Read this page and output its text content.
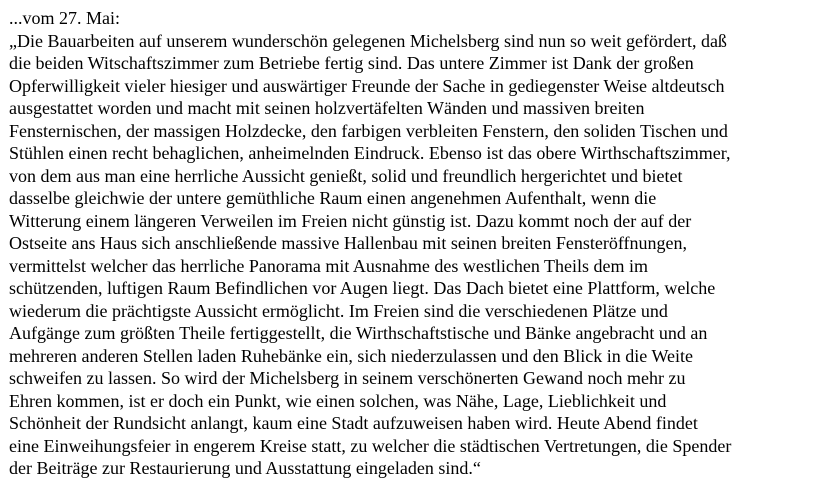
...vom 27. Mai:
„Die Bauarbeiten auf unserem wunderschön gelegenen Michelsberg sind nun so weit gefördert, daß
die beiden Witschaftszimmer zum Betriebe fertig sind. Das untere Zimmer ist Dank der großen
Opferwilligkeit vieler hiesiger und auswärtiger Freunde der Sache in gediegenster Weise altdeutsch
ausgestattet worden und macht mit seinen holzvertäfelten Wänden und massiven breiten
Fensternischen, der massigen Holzdecke, den farbigen verbleiten Fenstern, den soliden Tischen und
Stühlen einen recht behaglichen, anheimelnden Eindruck. Ebenso ist das obere Wirthschaftszimmer,
von dem aus man eine herrliche Aussicht genießt, solid und freundlich hergerichtet und bietet
dasselbe gleichwie der untere gemüthliche Raum einen angenehmen Aufenthalt, wenn die
Witterung einem längeren Verweilen im Freien nicht günstig ist. Dazu kommt noch der auf der
Ostseite ans Haus sich anschließende massive Hallenbau mit seinen breiten Fensteröffnungen,
vermittelst welcher das herrliche Panorama mit Ausnahme des westlichen Theils dem im
schützenden, luftigen Raum Befindlichen vor Augen liegt. Das Dach bietet eine Plattform, welche
wiederum die prächtigste Aussicht ermöglicht. Im Freien sind die verschiedenen Plätze und
Aufgänge zum größten Theile fertiggestellt, die Wirthschaftstische und Bänke angebracht und an
mehreren anderen Stellen laden Ruhebänke ein, sich niederzulassen und den Blick in die Weite
schweifen zu lassen. So wird der Michelsberg in seinem verschönerten Gewand noch mehr zu
Ehren kommen, ist er doch ein Punkt, wie einen solchen, was Nähe, Lage, Lieblichkeit und
Schönheit der Rundsicht anlangt, kaum eine Stadt aufzuweisen haben wird. Heute Abend findet
eine Einweihungsfeier in engerem Kreise statt, zu welcher die städtischen Vertretungen, die Spender
der Beiträge zur Restaurierung und Ausstattung eingeladen sind.“
